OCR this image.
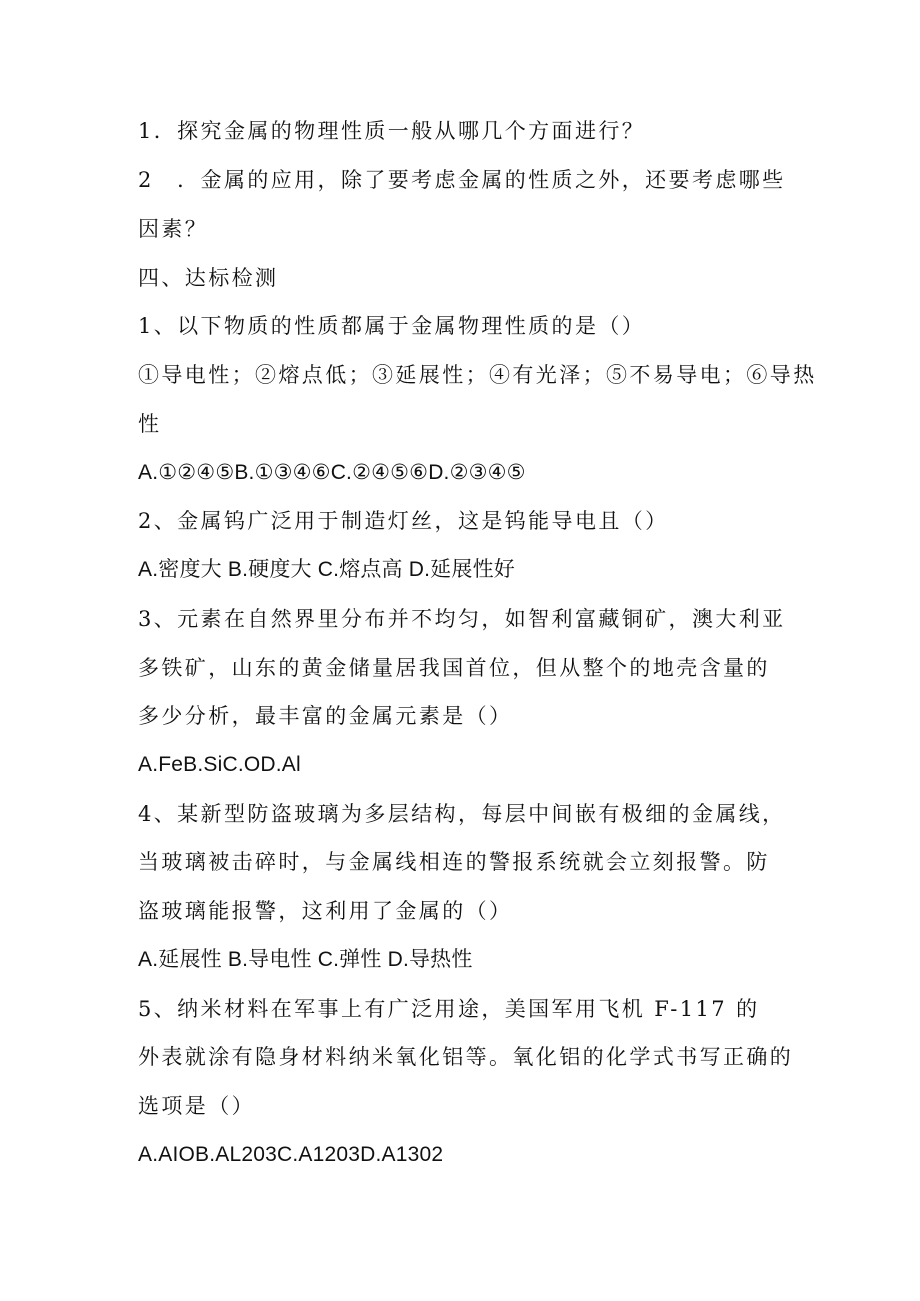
1．探究金属的物理性质一般从哪几个方面进行？
2　．金属的应用，除了要考虑金属的性质之外，还要考虑哪些
因素？
四、达标检测
1、以下物质的性质都属于金属物理性质的是（）
①导电性；②熔点低；③延展性；④有光泽；⑤不易导电；⑥导热
性
A.①②④⑤B.①③④⑥C.②④⑤⑥D.②③④⑤
2、金属钨广泛用于制造灯丝，这是钨能导电且（）
A.密度大 B.硬度大 C.熔点高 D.延展性好
3、元素在自然界里分布并不均匀，如智利富藏铜矿，澳大利亚
多铁矿，山东的黄金储量居我国首位，但从整个的地壳含量的
多少分析，最丰富的金属元素是（）
A.FeB.SiC.OD.Al
4、某新型防盗玻璃为多层结构，每层中间嵌有极细的金属线，
当玻璃被击碎时，与金属线相连的警报系统就会立刻报警。防
盗玻璃能报警，这利用了金属的（）
A.延展性 B.导电性 C.弹性 D.导热性
5、纳米材料在军事上有广泛用途，美国军用飞机 F-117 的
外表就涂有隐身材料纳米氧化铝等。氧化铝的化学式书写正确的
选项是（）
A.AIOB.AL203C.A1203D.A1302
